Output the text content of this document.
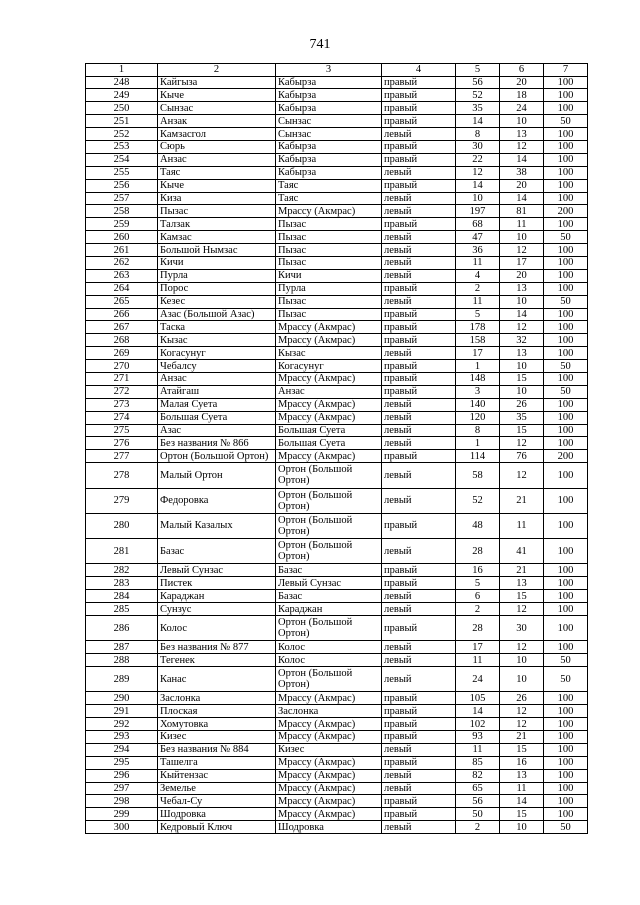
741
1	2	3	4	5	6	7
248	Кайгызa	Кабырза	правый	56	20	100
249	Кыче	Кабырза	правый	52	18	100
250	Сынзас	Кабырза	правый	35	24	100
251	Анзак	Сынзас	правый	14	10	50
252	Камзасгол	Сынзас	левый	8	13	100
253	Сюрь	Кабырза	правый	30	12	100
254	Анзас	Кабырза	правый	22	14	100
255	Таяс	Кабырза	левый	12	38	100
256	Кыче	Таяс	правый	14	20	100
257	Киза	Таяс	левый	10	14	100
258	Пызас	Мрассу (Акмрас)	левый	197	81	200
259	Талзак	Пызас	правый	68	11	100
260	Камзас	Пызас	левый	47	10	50
261	Большой Нымзас	Пызас	левый	36	12	100
262	Кичи	Пызас	левый	11	17	100
263	Пурла	Кичи	левый	4	20	100
264	Порос	Пурла	правый	2	13	100
265	Кезес	Пызас	левый	11	10	50
266	Азас (Большой Азас)	Пызас	правый	5	14	100
267	Таска	Мрассу (Акмрас)	правый	178	12	100
268	Кызас	Мрассу (Акмрас)	правый	158	32	100
269	Когасунуг	Кызас	левый	17	13	100
270	Чебалсу	Когасунуг	правый	1	10	50
271	Анзас	Мрассу (Акмрас)	правый	148	15	100
272	Атайгаш	Анзас	правый	3	10	50
273	Малая Суета	Мрассу (Акмрас)	левый	140	26	100
274	Большая Суета	Мрассу (Акмрас)	левый	120	35	100
275	Азас	Большая Суета	левый	8	15	100
276	Без названия № 866	Большая Суета	левый	1	12	100
277	Ортон (Большой Ортон)	Мрассу (Акмрас)	правый	114	76	200
278	Малый Ортон	Ортон (Большой Ортон)	левый	58	12	100
279	Федоровка	Ортон (Большой Ортон)	левый	52	21	100
280	Малый Казалых	Ортон (Большой Ортон)	правый	48	11	100
281	Базас	Ортон (Большой Ортон)	левый	28	41	100
282	Левый Сунзас	Базас	правый	16	21	100
283	Пистек	Левый Сунзас	правый	5	13	100
284	Караджан	Базас	левый	6	15	100
285	Сунзус	Караджан	левый	2	12	100
286	Колос	Ортон (Большой Ортон)	правый	28	30	100
287	Без названия № 877	Колос	левый	17	12	100
288	Тегенек	Колос	левый	11	10	50
289	Канас	Ортон (Большой Ортон)	левый	24	10	50
290	Заслонка	Мрассу (Акмрас)	правый	105	26	100
291	Плоская	Заслонка	правый	14	12	100
292	Хомутовка	Мрассу (Акмрас)	правый	102	12	100
293	Кизес	Мрассу (Акмрас)	правый	93	21	100
294	Без названия № 884	Кизес	левый	11	15	100
295	Ташелга	Мрассу (Акмрас)	правый	85	16	100
296	Кыйтензас	Мрассу (Акмрас)	левый	82	13	100
297	Земелье	Мрассу (Акмрас)	левый	65	11	100
298	Чебал-Су	Мрассу (Акмрас)	правый	56	14	100
299	Шодровка	Мрассу (Акмрас)	правый	50	15	100
300	Кедровый Ключ	Шодровка	левый	2	10	50
